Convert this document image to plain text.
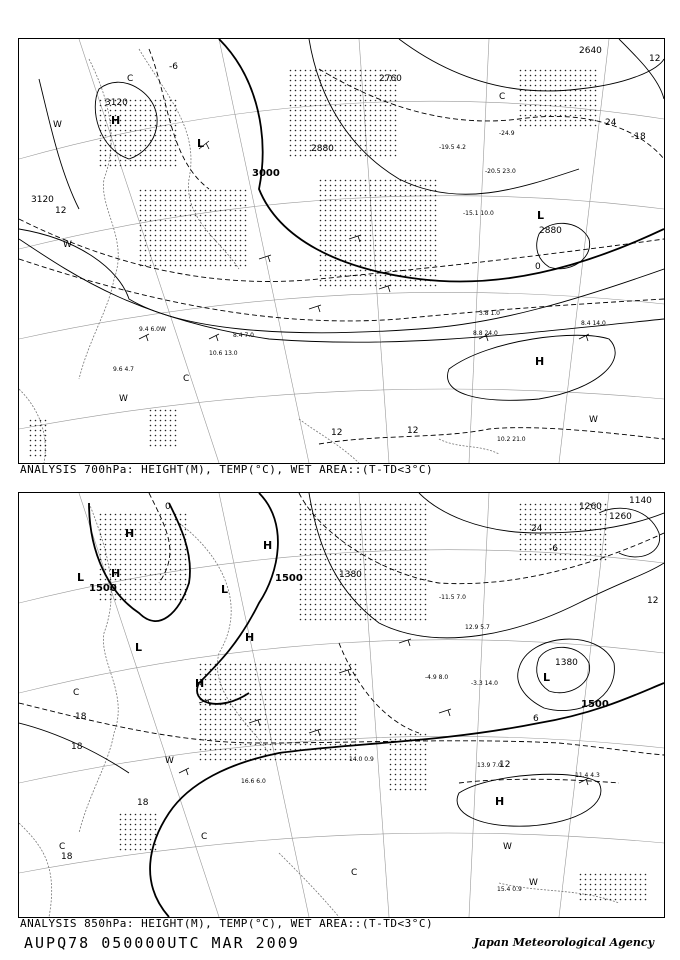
3120
3120
3000
2880
2880
2760
2640
12
12	12
12
24
-18
0
-6
H
L
L
H
W
W
W
W
C
C
C
9.4 6.0W
10.6 13.0
8.4 7.0
9.6 4.7
3.8 1.0
8.8 24.0
8.4 14.0
10.2 21.0
-15.1 10.0
-20.5 23.0
-24.9
-19.5 4.2
ANALYSIS 700hPa: HEIGHT(M), TEMP(°C), WET AREA::(T-TD<3°C)
1500
1500
1500
1380
1380
1260
1260
1140
18
18
18
18
12
12
6
24
-6
0
H
H
L
L
H
H
H
L
H
L
C
C
C
C
W
W
W
11.4 4.3
15.4 0.9
13.9 7.0
12.9 5.7
14.0 0.9
16.6 6.0
-11.5 7.0
-4.9 8.0
-3.3 14.0
ANALYSIS 850hPa: HEIGHT(M), TEMP(°C), WET AREA::(T-TD<3°C)
AUPQ78 050000UTC MAR 2009	Japan Meteorological Agency
